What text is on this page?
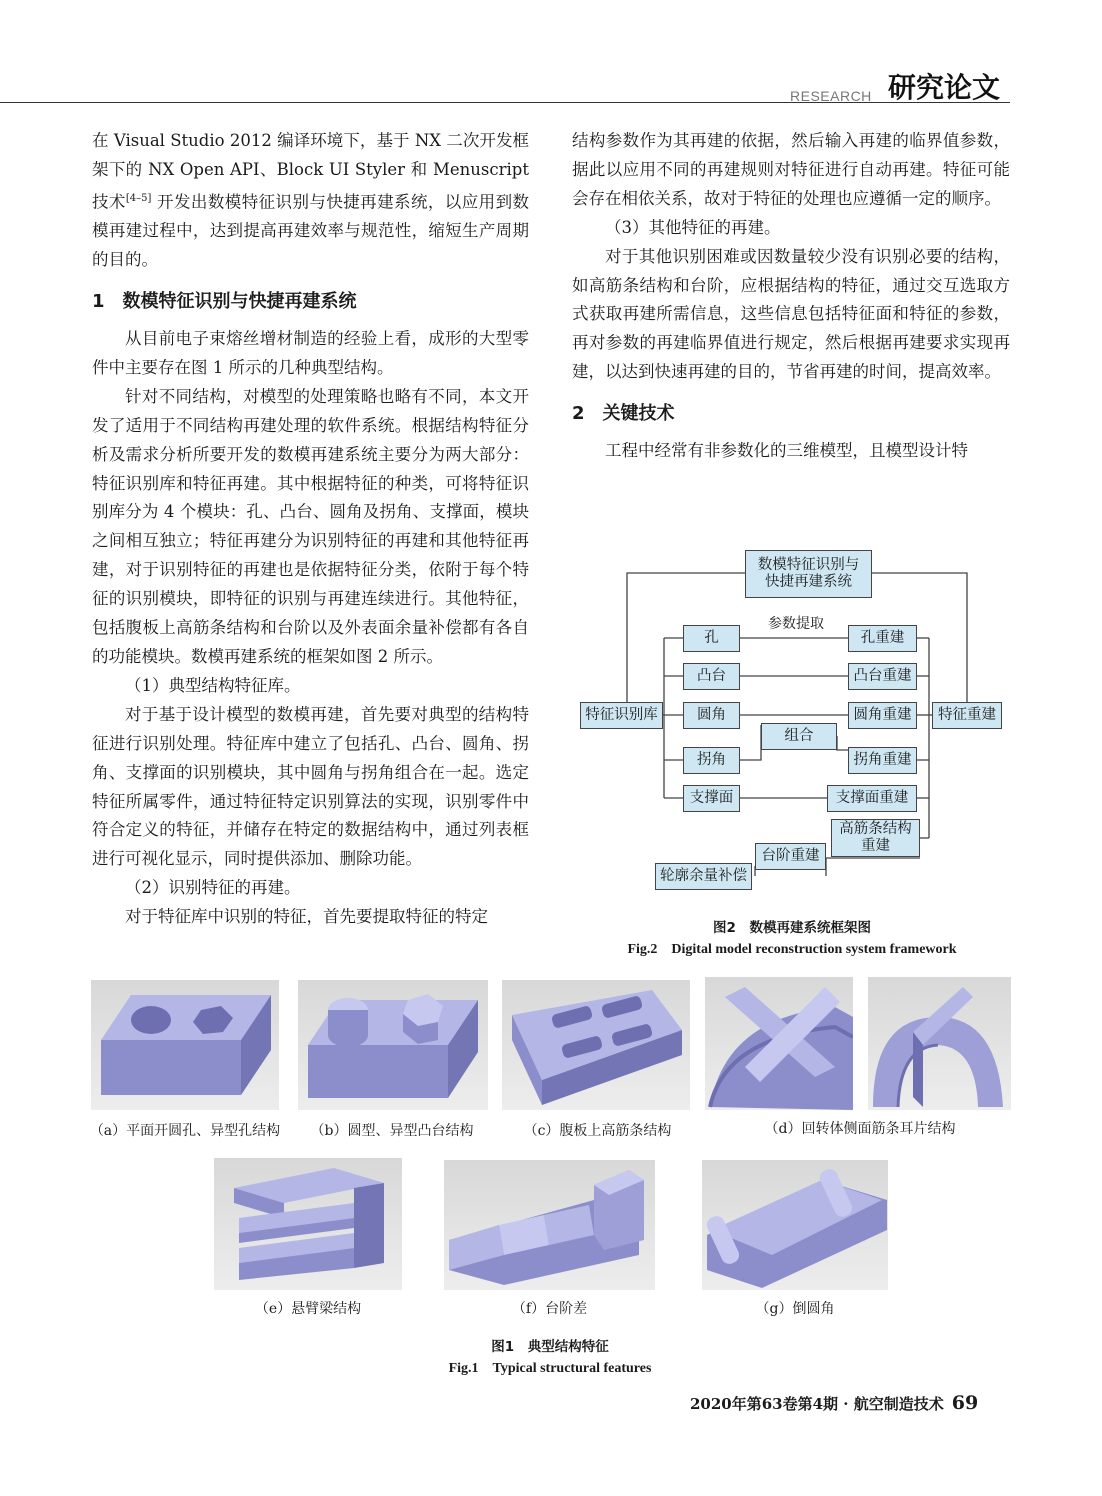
RESEARCH 研究论文

在 Visual Studio 2012 编译环境下，基于 NX 二次开发框架下的 NX Open API、Block UI Styler 和 Menuscript 技术[4–5] 开发出数模特征识别与快捷再建系统，以应用到数模再建过程中，达到提高再建效率与规范性，缩短生产周期的目的。

1 数模特征识别与快捷再建系统

从目前电子束熔丝增材制造的经验上看，成形的大型零件中主要存在图 1 所示的几种典型结构。

针对不同结构，对模型的处理策略也略有不同，本文开发了适用于不同结构再建处理的软件系统。根据结构特征分析及需求分析所要开发的数模再建系统主要分为两大部分：特征识别库和特征再建。其中根据特征的种类，可将特征识别库分为 4 个模块：孔、凸台、圆角及拐角、支撑面，模块之间相互独立；特征再建分为识别特征的再建和其他特征再建，对于识别特征的再建也是依据特征分类，依附于每个特征的识别模块，即特征的识别与再建连续进行。其他特征，包括腹板上高筋条结构和台阶以及外表面余量补偿都有各自的功能模块。数模再建系统的框架如图 2 所示。

（1）典型结构特征库。

对于基于设计模型的数模再建，首先要对典型的结构特征进行识别处理。特征库中建立了包括孔、凸台、圆角、拐角、支撑面的识别模块，其中圆角与拐角组合在一起。选定特征所属零件，通过特征特定识别算法的实现，识别零件中符合定义的特征，并储存在特定的数据结构中，通过列表框进行可视化显示，同时提供添加、删除功能。

（2）识别特征的再建。

对于特征库中识别的特征，首先要提取特征的特定

结构参数作为其再建的依据，然后输入再建的临界值参数，据此以应用不同的再建规则对特征进行自动再建。特征可能会存在相依关系，故对于特征的处理也应遵循一定的顺序。

（3）其他特征的再建。

对于其他识别困难或因数量较少没有识别必要的结构，如高筋条结构和台阶，应根据结构的特征，通过交互选取方式获取再建所需信息，这些信息包括特征面和特征的参数，再对参数的再建临界值进行规定，然后根据再建要求实现再建，以达到快速再建的目的，节省再建的时间，提高效率。

2 关键技术

工程中经常有非参数化的三维模型，且模型设计特

数模特征识别与
快捷再建系统
参数提取
孔
凸台
圆角
拐角
支撑面
特征识别库	特征重建
组合
孔重建
凸台重建
圆角重建
拐角重建
支撑面重建
高筋条结构
重建
台阶重建
轮廓余量补偿
图2　数模再建系统框架图
Fig.2　Digital model reconstruction system framework
（a）平面开圆孔、异型孔结构	（b）圆型、异型凸台结构	（c）腹板上高筋条结构	（d）回转体侧面筋条耳片结构
（e）悬臂梁结构	（f）台阶差	（g）倒圆角
图1　典型结构特征
Fig.1　Typical structural features
2020年第63卷第4期 · 航空制造技术 69
